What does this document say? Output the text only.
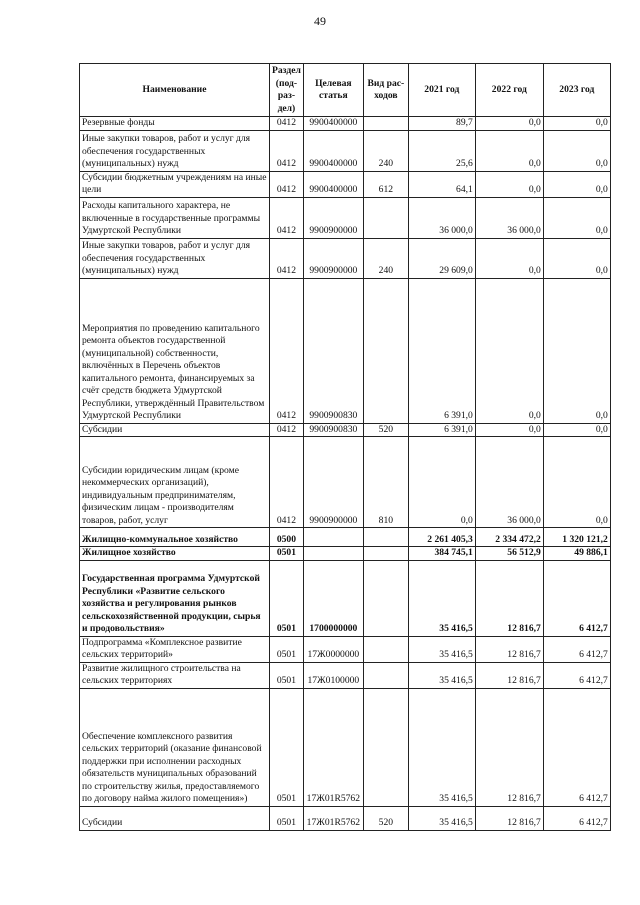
49
Наименование	Раздел (под-раз-дел)	Целевая статья	Вид рас-ходов	2021 год	2022 год	2023 год
Резервные фонды	0412	9900400000		89,7	0,0	0,0
Иные закупки товаров, работ и услуг для обеспечения государственных (муниципальных) нужд	0412	9900400000	240	25,6	0,0	0,0
Субсидии бюджетным учреждениям на иные цели	0412	9900400000	612	64,1	0,0	0,0
Расходы капитального характера, не включенные в государственные программы Удмуртской Республики	0412	9900900000		36 000,0	36 000,0	0,0
Иные закупки товаров, работ и услуг для обеспечения государственных (муниципальных) нужд	0412	9900900000	240	29 609,0	0,0	0,0
Мероприятия по проведению капитального ремонта объектов государственной (муниципальной) собственности, включённых в Перечень объектов капитального ремонта, финансируемых за счёт средств бюджета Удмуртской Республики, утверждённый Правительством Удмуртской Республики	0412	9900900830		6 391,0	0,0	0,0
Субсидии	0412	9900900830	520	6 391,0	0,0	0,0
Субсидии юридическим лицам (кроме некоммерческих организаций), индивидуальным предпринимателям, физическим лицам - производителям товаров, работ, услуг	0412	9900900000	810	0,0	36 000,0	0,0
Жилищно-коммунальное хозяйство	0500			2 261 405,3	2 334 472,2	1 320 121,2
Жилищное хозяйство	0501			384 745,1	56 512,9	49 886,1
Государственная программа Удмуртской Республики «Развитие сельского хозяйства и регулирования рынков сельскохозяйственной продукции, сырья и продовольствия»	0501	1700000000		35 416,5	12 816,7	6 412,7
Подпрограмма «Комплексное развитие сельских территорий»	0501	17Ж0000000		35 416,5	12 816,7	6 412,7
Развитие жилищного строительства на сельских территориях	0501	17Ж0100000		35 416,5	12 816,7	6 412,7
Обеспечение комплексного развития сельских территорий (оказание финансовой поддержки при исполнении расходных обязательств муниципальных образований по строительству жилья, предоставляемого по договору найма жилого помещения»)	0501	17Ж01R5762		35 416,5	12 816,7	6 412,7
Субсидии	0501	17Ж01R5762	520	35 416,5	12 816,7	6 412,7
